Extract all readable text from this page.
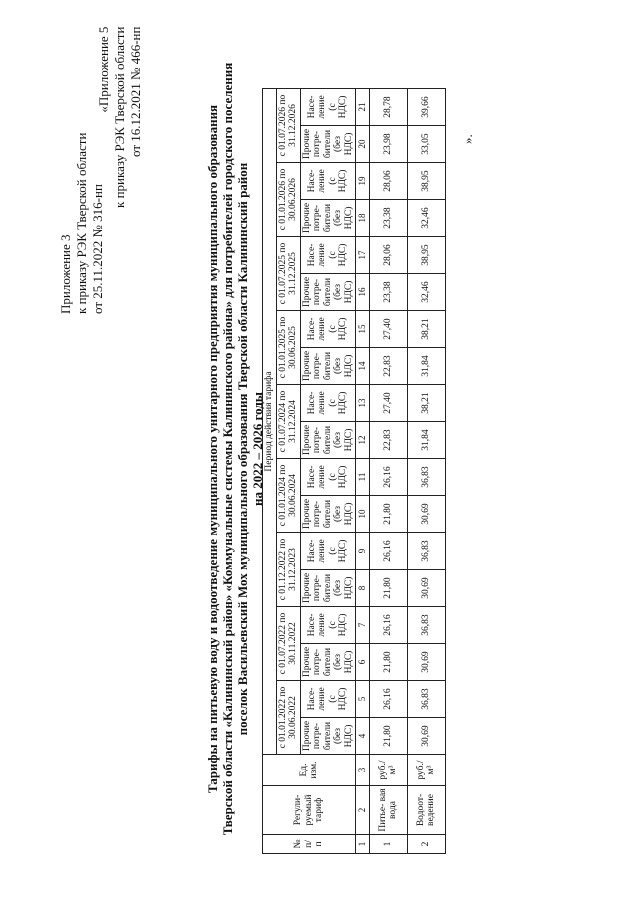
Приложение 3 к приказу РЭК Тверской области от 25.11.2022 № 316-нп
«Приложение 5 к приказу РЭК Тверской области от 16.12.2021 № 466-нп
Тарифы на питьевую воду и водоотведение муниципального унитарного предприятия муниципального образования Тверской области «Калининский район» «Коммунальные системы Калининского района» для потребителей городского поселения поселок Васильевский Мох муниципального образования Тверской области Калининский район на 2022 – 2026 годы
№ п/ п	Регули- руемый тариф	Ед. изм.	Период действия тарифа																	
			с 01.01.2022 по 30.06.2022		с 01.07.2022 по 30.11.2022		с 01.12.2022 по 31.12.2023		с 01.01.2024 по 30.06.2024		с 01.07.2024 по 31.12.2024		с 01.01.2025 по 30.06.2025		с 01.07.2025 по 31.12.2025		с 01.01.2026 по 30.06.2026		с 01.07.2026 по 31.12.2026	
			Прочие потре- бители (без НДС)	Насе- ление (с НДС)	Прочие потре- бители (без НДС)	Насе- ление (с НДС)	Прочие потре- бители (без НДС)	Насе- ление (с НДС)	Прочие потре- бители (без НДС)	Насе- ление (с НДС)	Прочие потре- бители (без НДС)	Насе- ление (с НДС)	Прочие потре- бители (без НДС)	Насе- ление (с НДС)	Прочие потре- бители (без НДС)	Насе- ление (с НДС)	Прочие потре- бители (без НДС)	Насе- ление (с НДС)	Прочие потре- бители (без НДС)	Насе- ление (с НДС)
1	2	3	4	5	6	7	8	9	10	11	12	13	14	15	16	17	18	19	20	21
1	Питье- вая вода	руб./м³	21,80	26,16	21,80	26,16	21,80	26,16	21,80	26,16	22,83	27,40	22,83	27,40	23,38	28,06	23,38	28,06	23,98	28,78
2	Водоот- ведение	руб./м³	30,69	36,83	30,69	36,83	30,69	36,83	30,69	36,83	31,84	38,21	31,84	38,21	32,46	38,95	32,46	38,95	33,05	39,66
».
